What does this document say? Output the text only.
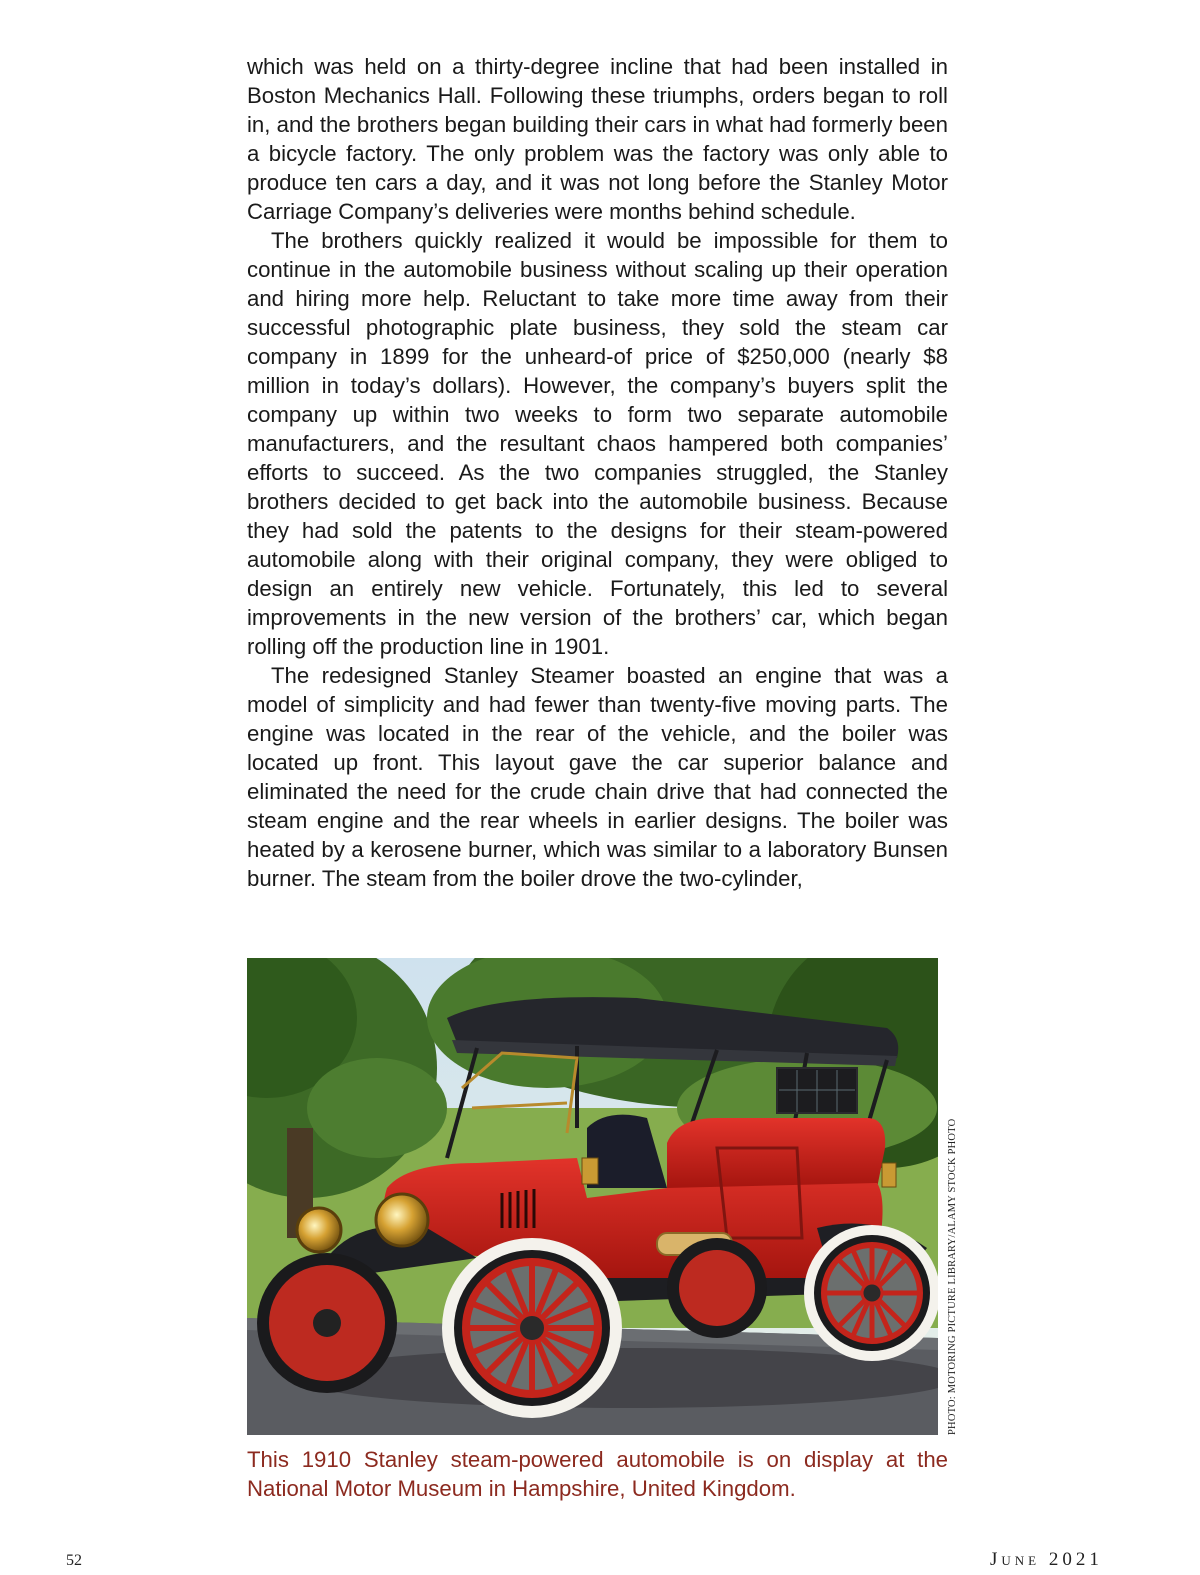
which was held on a thirty-degree incline that had been installed in Boston Mechanics Hall. Following these triumphs, orders began to roll in, and the brothers began building their cars in what had formerly been a bicycle factory. The only problem was the factory was only able to produce ten cars a day, and it was not long before the Stanley Motor Carriage Company’s deliveries were months behind schedule.

The brothers quickly realized it would be impossible for them to continue in the automobile business without scaling up their operation and hiring more help. Reluctant to take more time away from their successful photographic plate business, they sold the steam car company in 1899 for the unheard-of price of $250,000 (nearly $8 million in today’s dollars). However, the company’s buyers split the company up within two weeks to form two separate automobile manufacturers, and the resultant chaos hampered both companies’ efforts to succeed. As the two companies struggled, the Stanley brothers decided to get back into the automobile business. Because they had sold the patents to the designs for their steam-powered automobile along with their original company, they were obliged to design an entirely new vehicle. Fortunately, this led to several improvements in the new version of the brothers’ car, which began rolling off the production line in 1901.

The redesigned Stanley Steamer boasted an engine that was a model of simplicity and had fewer than twenty-five moving parts. The engine was located in the rear of the vehicle, and the boiler was located up front. This layout gave the car superior balance and eliminated the need for the crude chain drive that had connected the steam engine and the rear wheels in earlier designs. The boiler was heated by a kerosene burner, which was similar to a laboratory Bunsen burner. The steam from the boiler drove the two-cylinder,

PHOTO: MOTORING PICTURE LIBRARY/ALAMY STOCK PHOTO
This 1910 Stanley steam-powered automobile is on display at the National Motor Museum in Hampshire, United Kingdom.
52	June 2021
